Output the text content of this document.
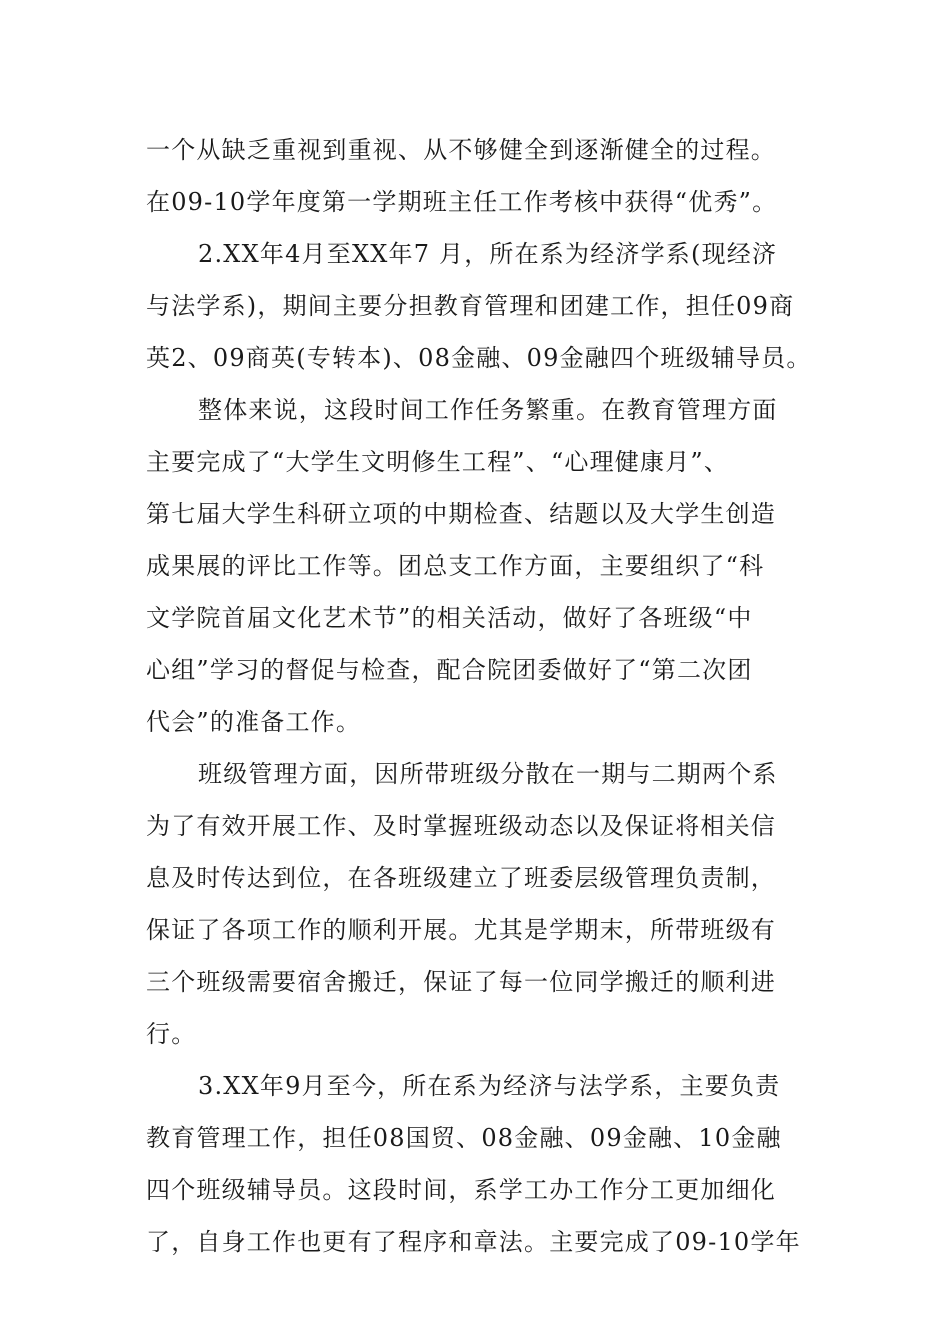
一个从缺乏重视到重视、从不够健全到逐渐健全的过程。
在09-10学年度第一学期班主任工作考核中获得“优秀”。
2.XX年4月至XX年7 月，所在系为经济学系(现经济
与法学系)，期间主要分担教育管理和团建工作，担任09商
英2、09商英(专转本)、08金融、09金融四个班级辅导员。
整体来说，这段时间工作任务繁重。在教育管理方面
主要完成了“大学生文明修生工程”、“心理健康月”、
第七届大学生科研立项的中期检查、结题以及大学生创造
成果展的评比工作等。团总支工作方面，主要组织了“科
文学院首届文化艺术节”的相关活动，做好了各班级“中
心组”学习的督促与检查，配合院团委做好了“第二次团
代会”的准备工作。
班级管理方面，因所带班级分散在一期与二期两个系
为了有效开展工作、及时掌握班级动态以及保证将相关信
息及时传达到位，在各班级建立了班委层级管理负责制，
保证了各项工作的顺利开展。尤其是学期末，所带班级有
三个班级需要宿舍搬迁，保证了每一位同学搬迁的顺利进
行。
3.XX年9月至今，所在系为经济与法学系，主要负责
教育管理工作，担任08国贸、08金融、09金融、10金融
四个班级辅导员。这段时间，系学工办工作分工更加细化
了，自身工作也更有了程序和章法。主要完成了09-10学年
